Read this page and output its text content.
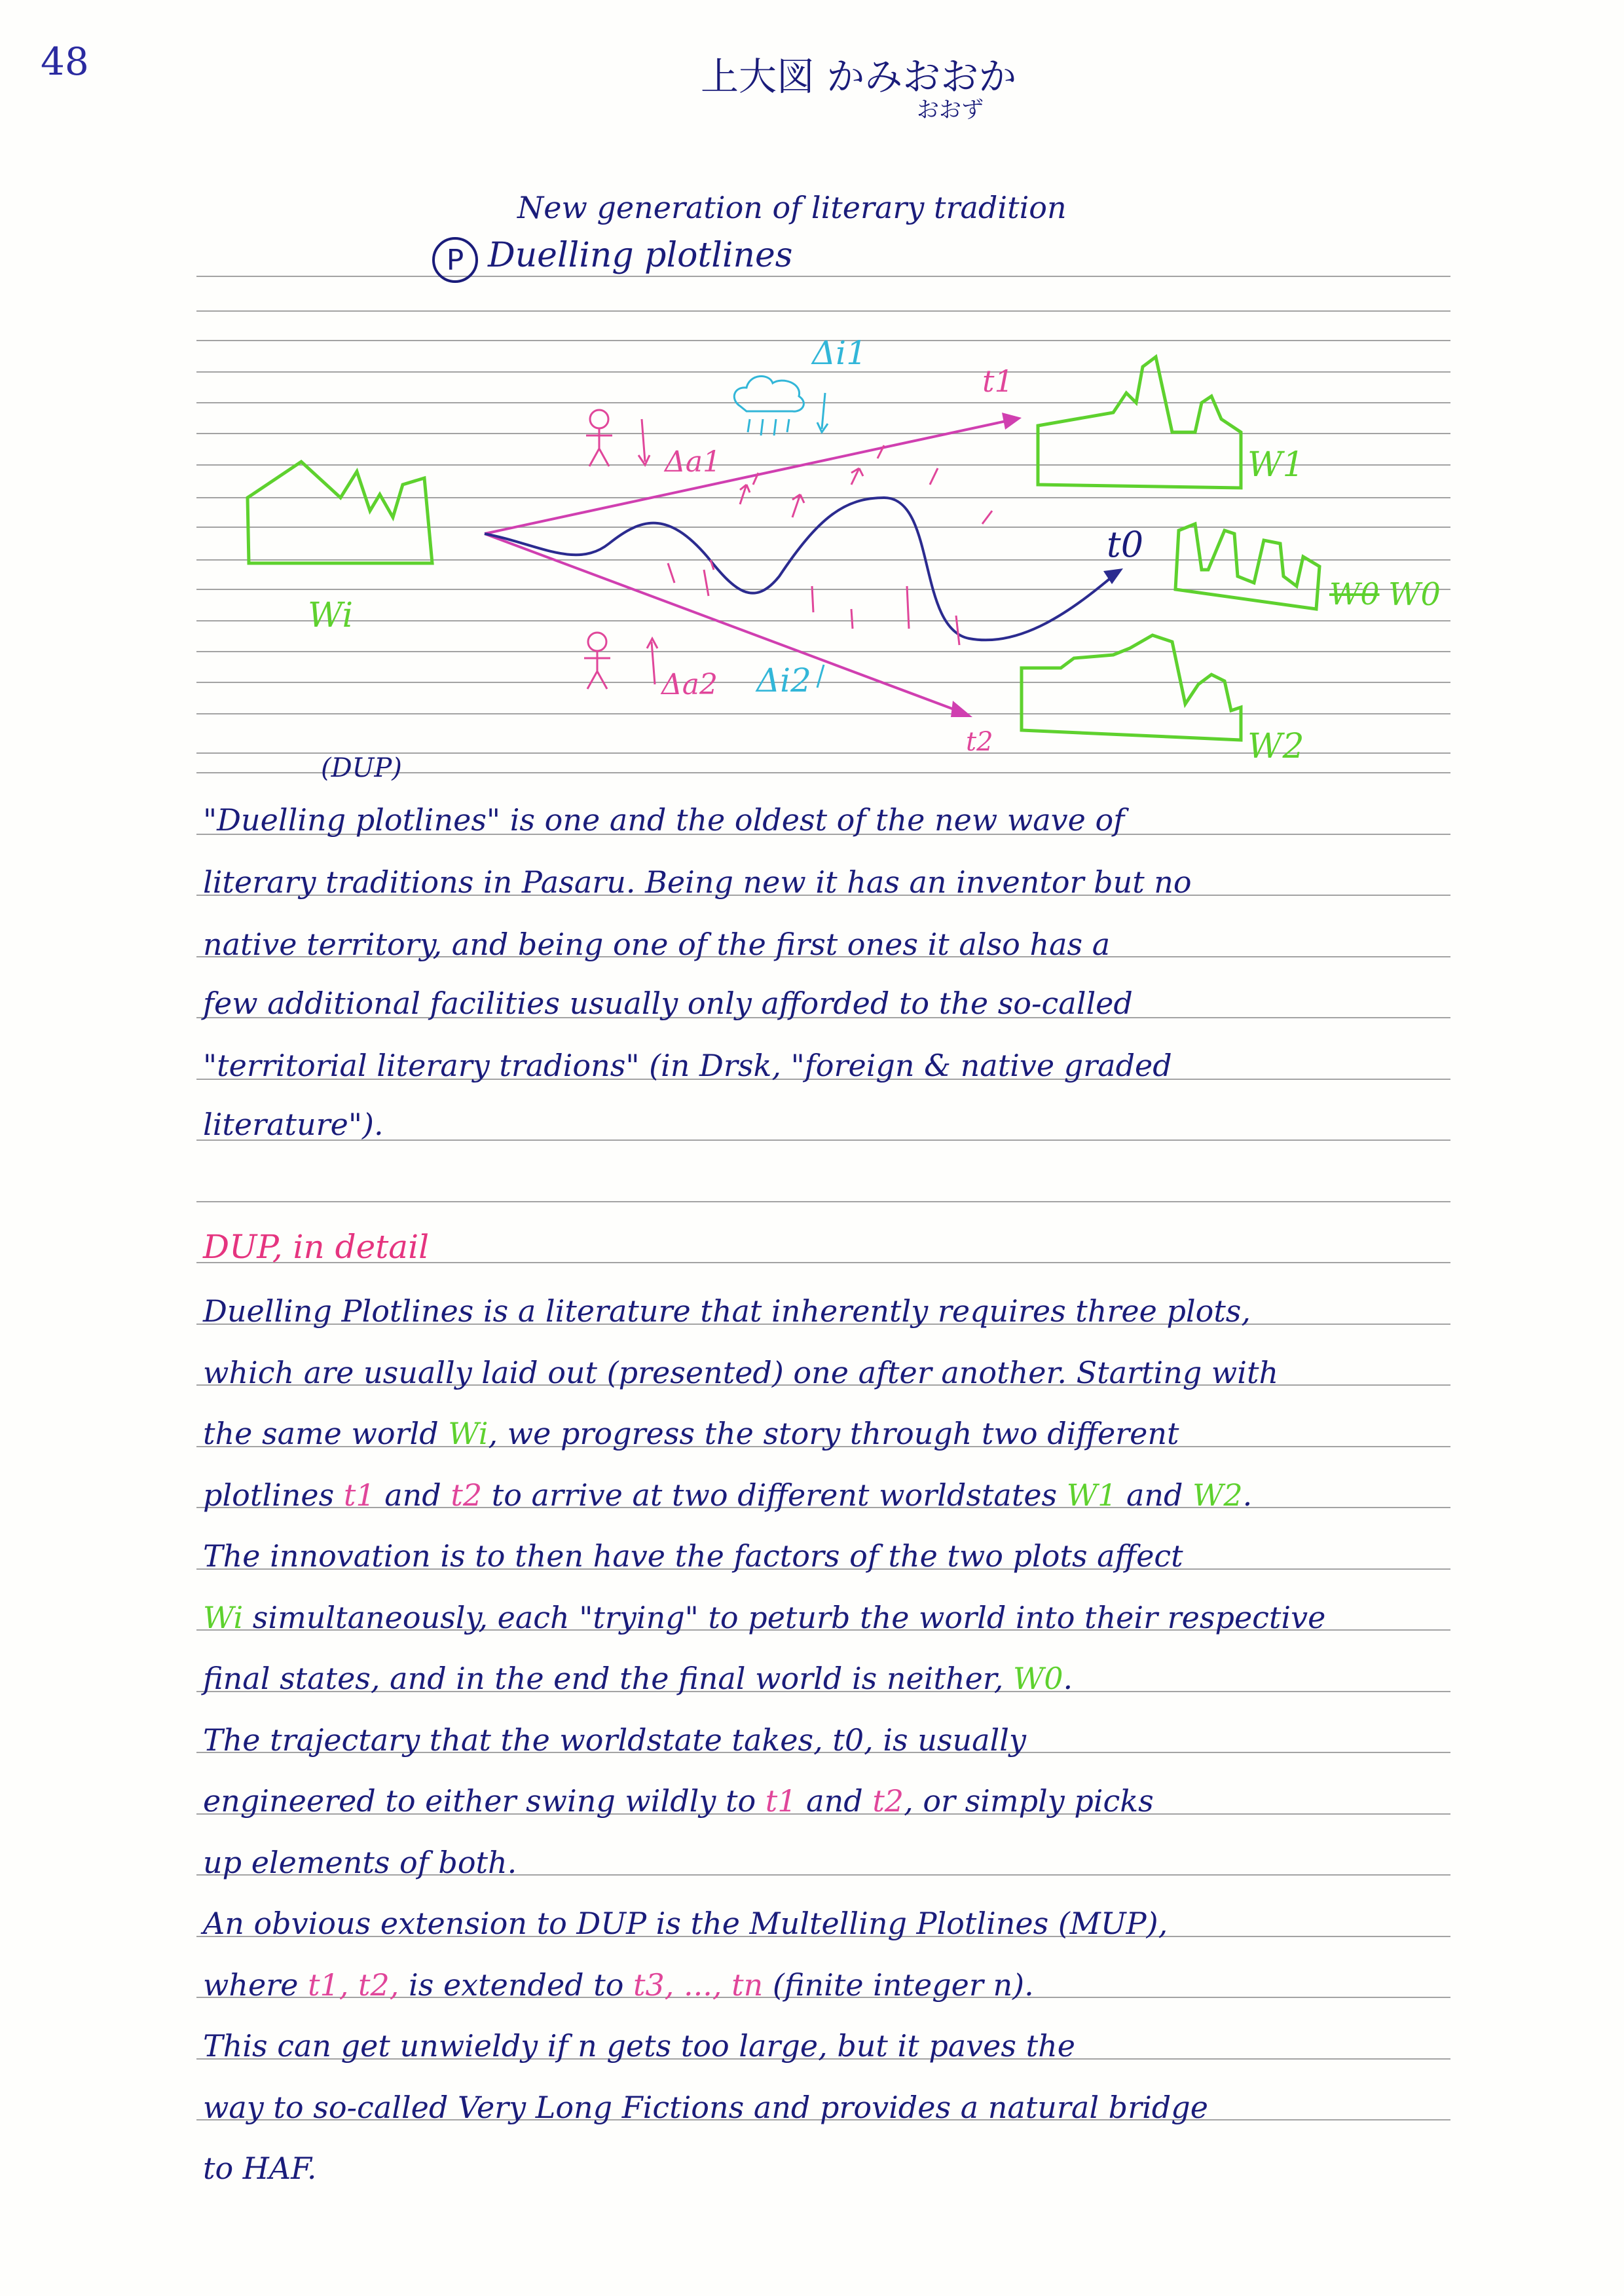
48	上大図 かみおおか
おおず
New generation of literary tradition
P Duelling plotlines
Wi
W1
W0 W0
W2
t1
t0
t2
Δa1
Δa2
Δi1
Δi2
(DUP)
"Duelling plotlines" is one and the oldest of the new wave of
literary traditions in Pasaru. Being new it has an inventor but no
native territory, and being one of the first ones it also has a
few additional facilities usually only afforded to the so-called
"territorial literary tradions" (in Drsk, "foreign & native graded
literature").
DUP, in detail
Duelling Plotlines is a literature that inherently requires three plots,
which are usually laid out (presented) one after another. Starting with
the same world Wi, we progress the story through two different
plotlines t1 and t2 to arrive at two different worldstates W1 and W2.
The innovation is to then have the factors of the two plots affect
Wi simultaneously, each "trying" to peturb the world into their respective
final states, and in the end the final world is neither, W0.
The trajectary that the worldstate takes, t0, is usually
engineered to either swing wildly to t1 and t2, or simply picks
up elements of both.
An obvious extension to DUP is the Multelling Plotlines (MUP),
where t1, t2, is extended to t3, ..., tn (finite integer n).
This can get unwieldy if n gets too large, but it paves the
way to so-called Very Long Fictions and provides a natural bridge
to HAF.
